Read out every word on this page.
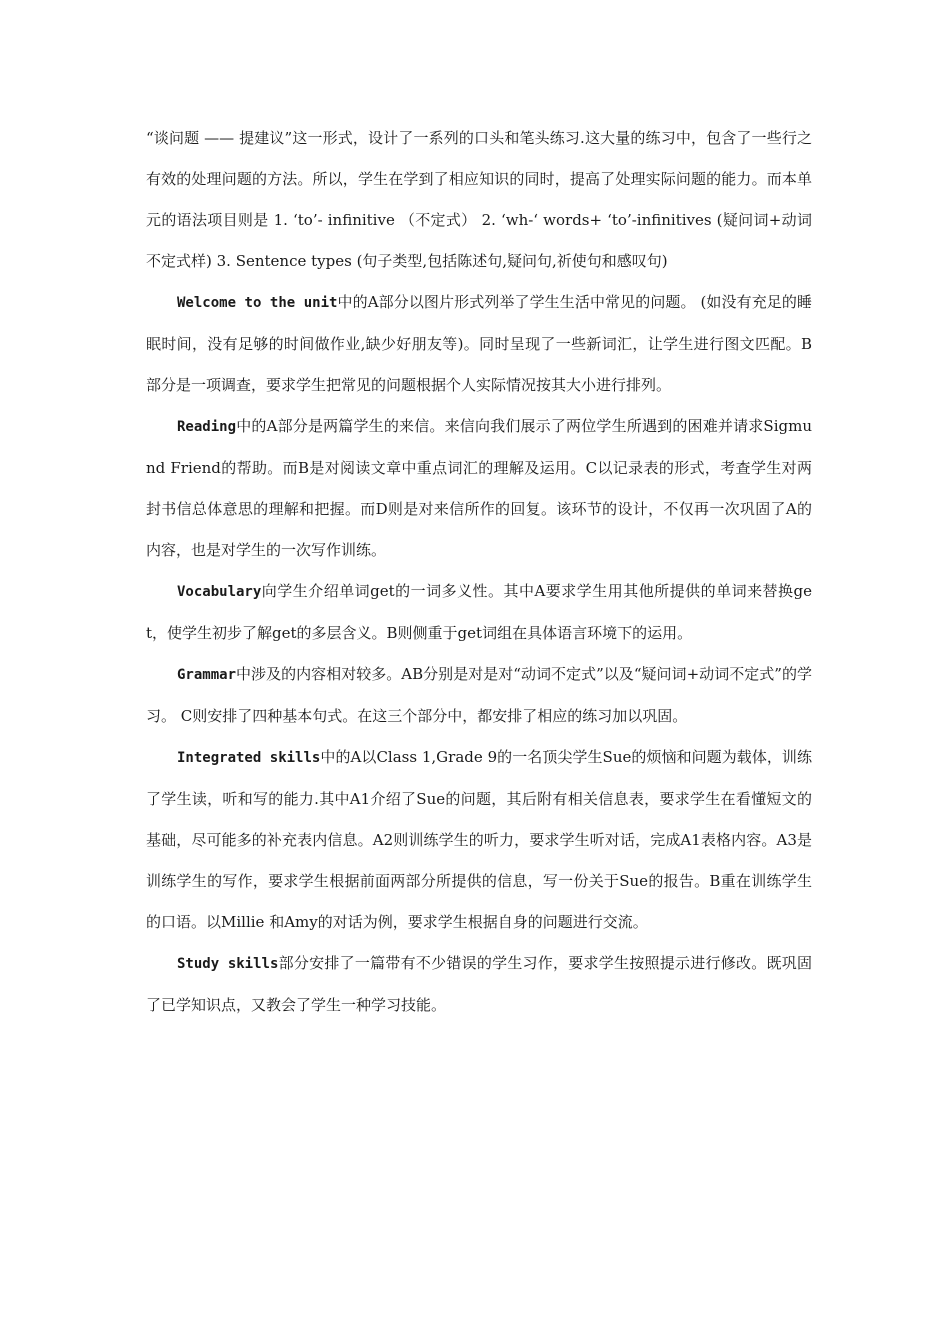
“谈问题 —— 提建议”这一形式，设计了一系列的口头和笔头练习.这大量的练习中，包含了一些行之有效的处理问题的方法。所以，学生在学到了相应知识的同时，提高了处理实际问题的能力。而本单元的语法项目则是 1. ‘to’- infinitive （不定式） 2. ‘wh-‘ words+ ‘to’-infinitives (疑问词+动词不定式样) 3. Sentence types (句子类型,包括陈述句,疑问句,祈使句和感叹句)

Welcome to the unit中的A部分以图片形式列举了学生生活中常见的问题。 (如没有充足的睡眠时间，没有足够的时间做作业,缺少好朋友等)。同时呈现了一些新词汇，让学生进行图文匹配。B部分是一项调查，要求学生把常见的问题根据个人实际情况按其大小进行排列。

Reading中的A部分是两篇学生的来信。来信向我们展示了两位学生所遇到的困难并请求Sigmund Friend的帮助。而B是对阅读文章中重点词汇的理解及运用。C以记录表的形式，考查学生对两封书信总体意思的理解和把握。而D则是对来信所作的回复。该环节的设计，不仅再一次巩固了A的内容，也是对学生的一次写作训练。

Vocabulary向学生介绍单词get的一词多义性。其中A要求学生用其他所提供的单词来替换get，使学生初步了解get的多层含义。B则侧重于get词组在具体语言环境下的运用。

Grammar中涉及的内容相对较多。AB分别是对是对“动词不定式”以及“疑问词+动词不定式”的学习。 C则安排了四种基本句式。在这三个部分中，都安排了相应的练习加以巩固。

Integrated skills中的A以Class 1,Grade 9的一名顶尖学生Sue的烦恼和问题为载体，训练了学生读，听和写的能力.其中A1介绍了Sue的问题，其后附有相关信息表，要求学生在看懂短文的基础，尽可能多的补充表内信息。A2则训练学生的听力，要求学生听对话，完成A1表格内容。A3是训练学生的写作，要求学生根据前面两部分所提供的信息，写一份关于Sue的报告。B重在训练学生的口语。以Millie 和Amy的对话为例，要求学生根据自身的问题进行交流。

Study skills部分安排了一篇带有不少错误的学生习作，要求学生按照提示进行修改。既巩固了已学知识点，又教会了学生一种学习技能。
